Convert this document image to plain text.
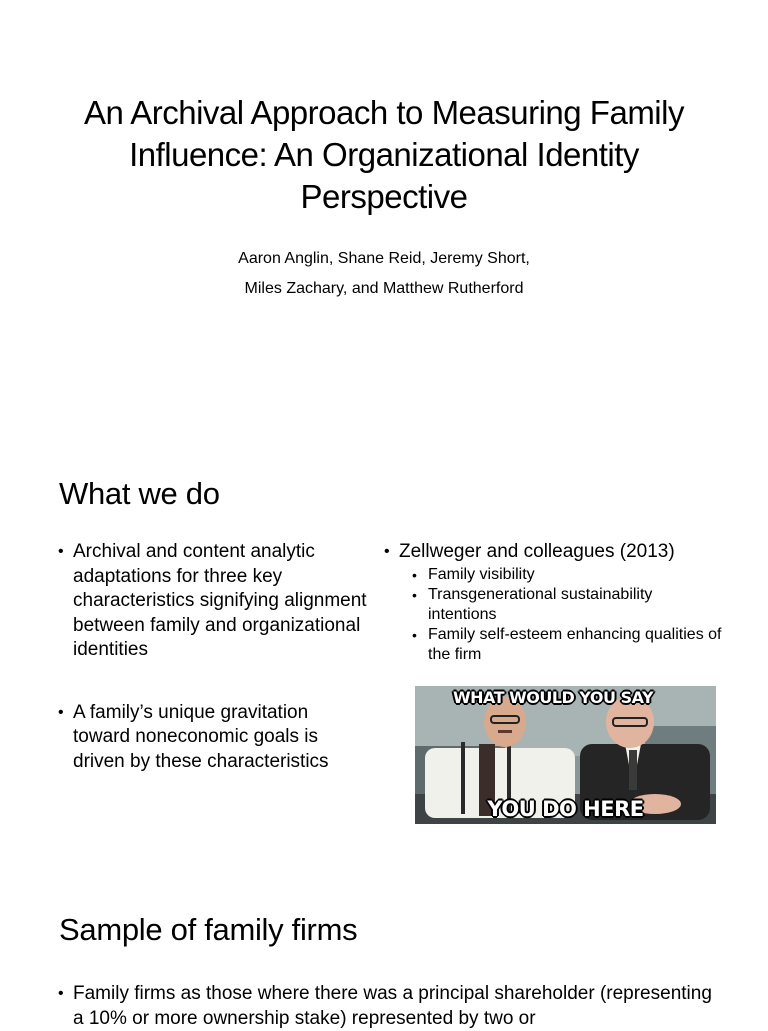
An Archival Approach to Measuring Family Influence: An Organizational Identity Perspective
Aaron Anglin, Shane Reid, Jeremy Short,
Miles Zachary, and Matthew Rutherford
What we do
• Archival and content analytic adaptations for three key characteristics signifying alignment between family and organizational identities
• A family’s unique gravitation toward noneconomic goals is driven by these characteristics
• Zellweger and colleagues (2013)
• Family visibility
• Transgenerational sustainability intentions
• Family self-esteem enhancing qualities of the firm
WHAT WOULD YOU SAY
YOU DO HERE
Sample of family firms
• Family firms as those where there was a principal shareholder (representing a 10% or more ownership stake) represented by two or
